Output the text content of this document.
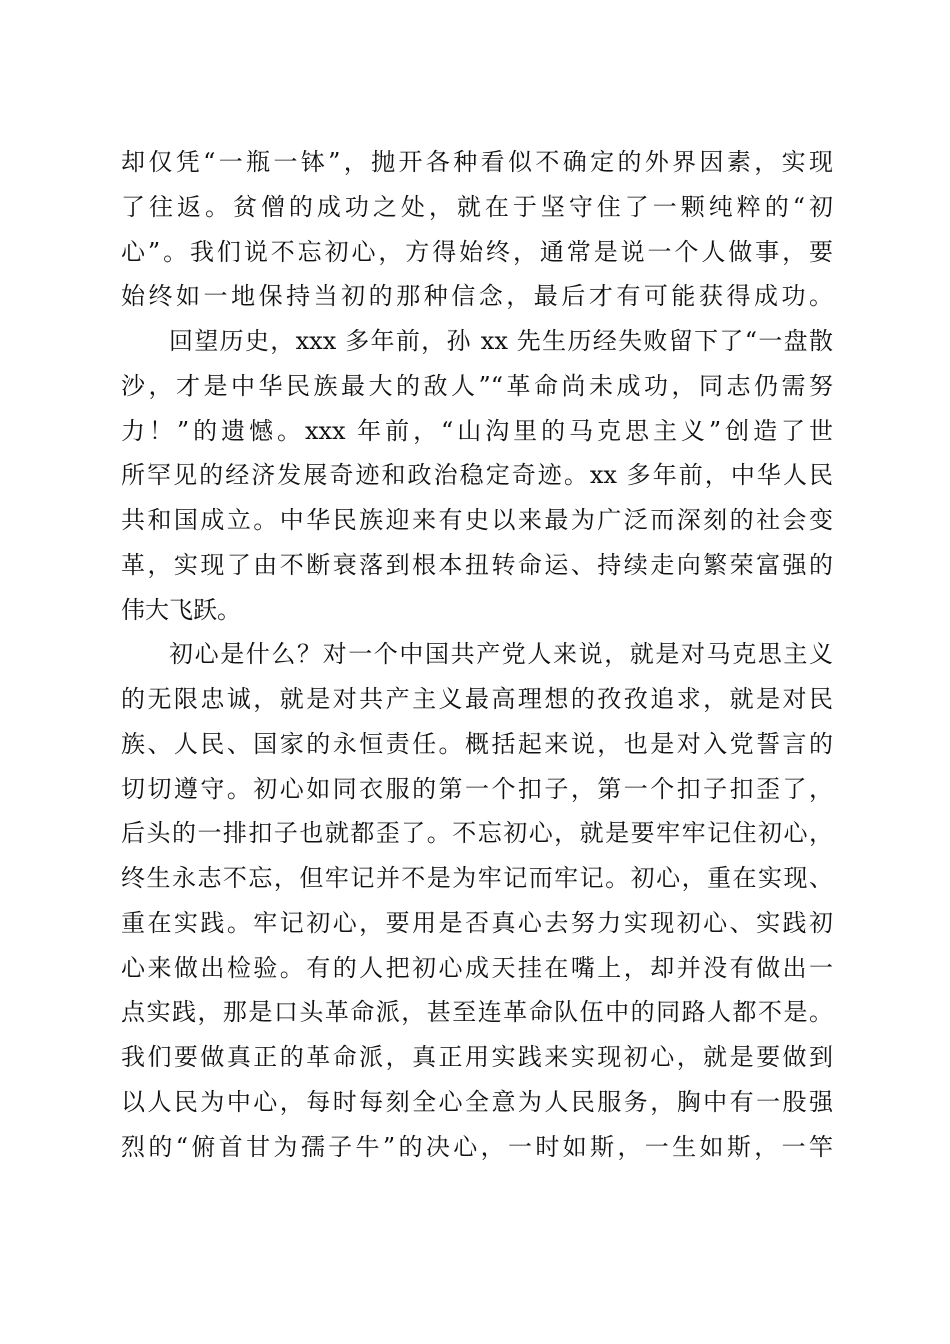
却仅凭“一瓶一钵”，抛开各种看似不确定的外界因素，实现
了往返。贫僧的成功之处，就在于坚守住了一颗纯粹的“初
心”。我们说不忘初心，方得始终，通常是说一个人做事，要
始终如一地保持当初的那种信念，最后才有可能获得成功。
回望历史，xxx 多年前，孙 xx 先生历经失败留下了“一盘散
沙，才是中华民族最大的敌人”“革命尚未成功，同志仍需努
力！”的遗憾。xxx 年前，“山沟里的马克思主义”创造了世
所罕见的经济发展奇迹和政治稳定奇迹。xx 多年前，中华人民
共和国成立。中华民族迎来有史以来最为广泛而深刻的社会变
革，实现了由不断衰落到根本扭转命运、持续走向繁荣富强的
伟大飞跃。
初心是什么？对一个中国共产党人来说，就是对马克思主义
的无限忠诚，就是对共产主义最高理想的孜孜追求，就是对民
族、人民、国家的永恒责任。概括起来说，也是对入党誓言的
切切遵守。初心如同衣服的第一个扣子，第一个扣子扣歪了，
后头的一排扣子也就都歪了。不忘初心，就是要牢牢记住初心，
终生永志不忘，但牢记并不是为牢记而牢记。初心，重在实现、
重在实践。牢记初心，要用是否真心去努力实现初心、实践初
心来做出检验。有的人把初心成天挂在嘴上，却并没有做出一
点实践，那是口头革命派，甚至连革命队伍中的同路人都不是。
我们要做真正的革命派，真正用实践来实现初心，就是要做到
以人民为中心，每时每刻全心全意为人民服务，胸中有一股强
烈的“俯首甘为孺子牛”的决心，一时如斯，一生如斯，一竿
